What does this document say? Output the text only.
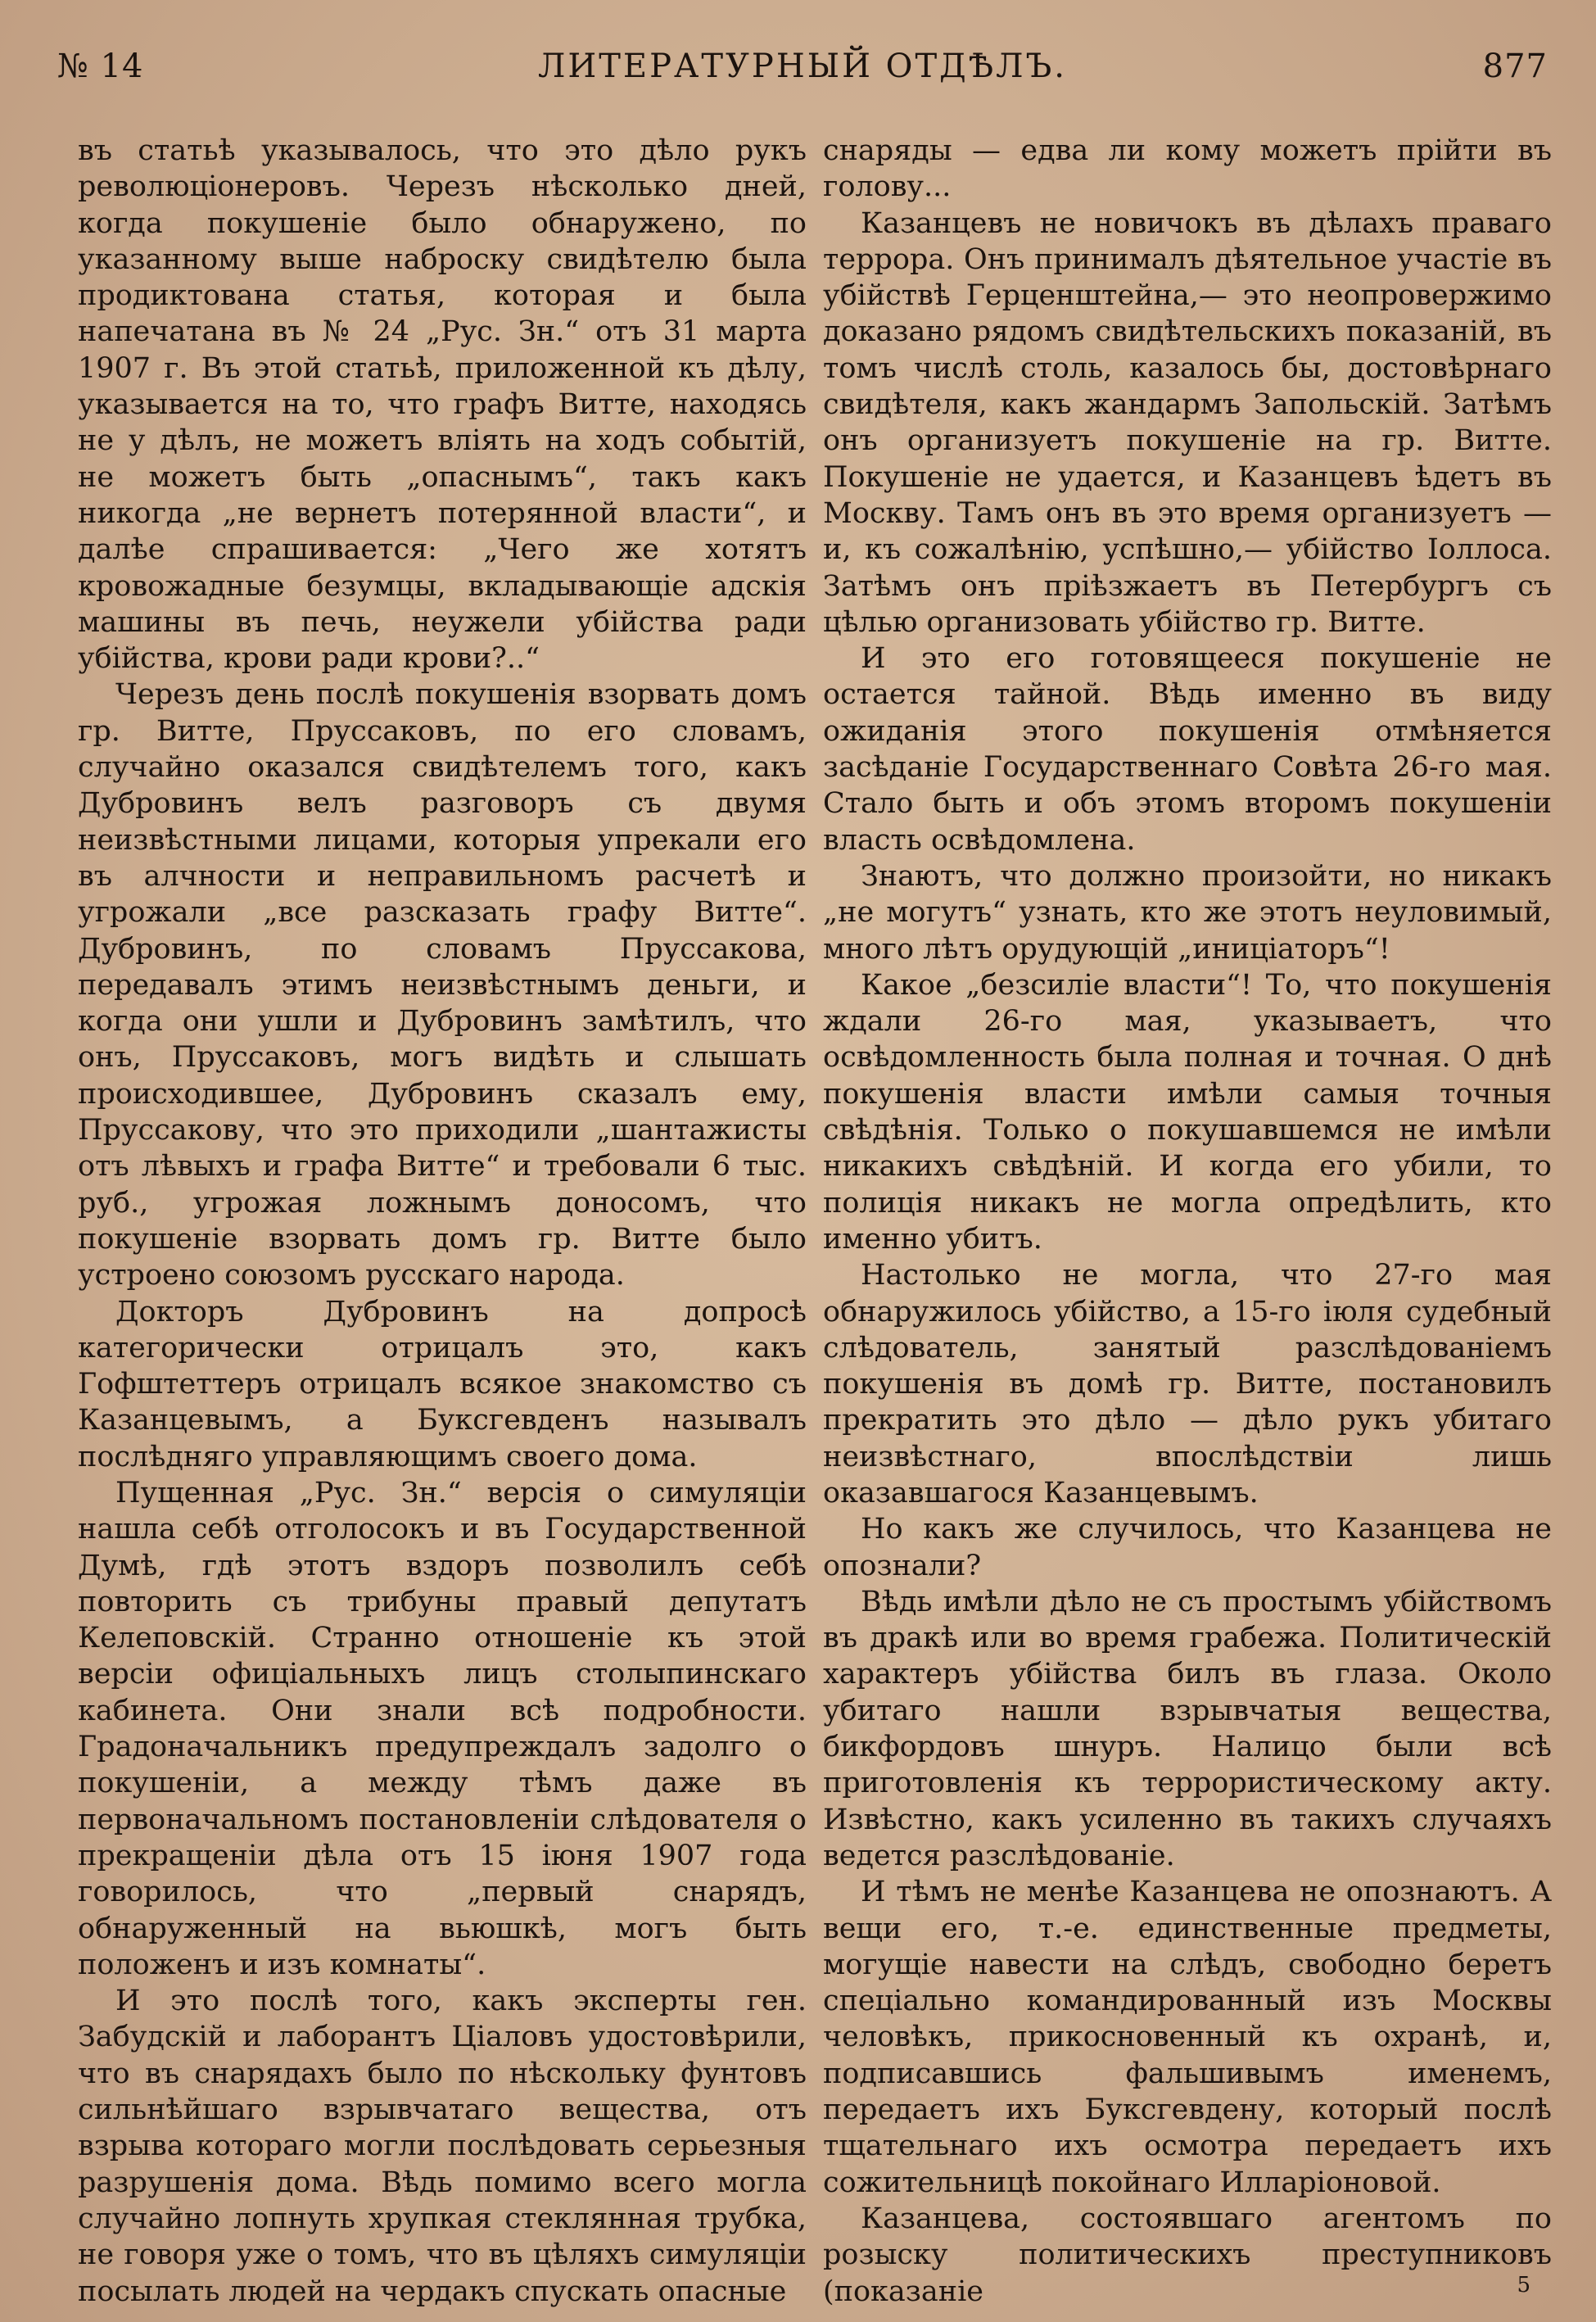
№ 14	ЛИТЕРАТУРНЫЙ ОТДѢЛЪ.	877

въ статьѣ указывалось, что это дѣло рукъ революціонеровъ. Черезъ нѣсколько дней, когда покушеніе было обнаружено, по указанному выше наброску свидѣтелю была продиктована статья, которая и была напечатана въ № 24 „Рус. Зн.“ отъ 31 марта 1907 г. Въ этой статьѣ, приложенной къ дѣлу, указывается на то, что графъ Витте, находясь не у дѣлъ, не можетъ вліять на ходъ событій, не можетъ быть „опаснымъ“, такъ какъ никогда „не вернетъ потерянной власти“, и далѣе спрашивается: „Чего же хотятъ кровожадные безумцы, вкладывающіе адскія машины въ печь, неужели убійства ради убійства, крови ради крови?..“

Черезъ день послѣ покушенія взорвать домъ гр. Витте, Пруссаковъ, по его словамъ, случайно оказался свидѣтелемъ того, какъ Дубровинъ велъ разговоръ съ двумя неизвѣстными лицами, которыя упрекали его въ алчности и неправильномъ расчетѣ и угрожали „все разсказать графу Витте“. Дубровинъ, по словамъ Пруссакова, передавалъ этимъ неизвѣстнымъ деньги, и когда они ушли и Дубровинъ замѣтилъ, что онъ, Пруссаковъ, могъ видѣть и слышать происходившее, Дубровинъ сказалъ ему, Пруссакову, что это приходили „шантажисты отъ лѣвыхъ и графа Витте“ и требовали 6 тыс. руб., угрожая ложнымъ доносомъ, что покушеніе взорвать домъ гр. Витте было устроено союзомъ русскаго народа.

Докторъ Дубровинъ на допросѣ категорически отрицалъ это, какъ Гофштеттеръ отрицалъ всякое знакомство съ Казанцевымъ, а Буксгевденъ называлъ послѣдняго управляющимъ своего дома.

Пущенная „Рус. Зн.“ версія о симуляціи нашла себѣ отголосокъ и въ Государственной Думѣ, гдѣ этотъ вздоръ позволилъ себѣ повторить съ трибуны правый депутатъ Келеповскій. Странно отношеніе къ этой версіи офиціальныхъ лицъ столыпинскаго кабинета. Они знали всѣ подробности. Градоначальникъ предупреждалъ задолго о покушеніи, а между тѣмъ даже въ первоначальномъ постановленіи слѣдователя о прекращеніи дѣла отъ 15 іюня 1907 года говорилось, что „первый снарядъ, обнаруженный на вьюшкѣ, могъ быть положенъ и изъ комнаты“.

И это послѣ того, какъ эксперты ген. Забудскій и лаборантъ Ціаловъ удостовѣрили, что въ снарядахъ было по нѣскольку фунтовъ сильнѣйшаго взрывчатаго вещества, отъ взрыва котораго могли послѣдовать серьезныя разрушенія дома. Вѣдь помимо всего могла случайно лопнуть хрупкая стеклянная трубка, не говоря уже о томъ, что въ цѣляхъ симуляціи посылать людей на чердакъ спускать опасные

снаряды — едва ли кому можетъ прійти въ голову...

Казанцевъ не новичокъ въ дѣлахъ праваго террора. Онъ принималъ дѣятельное участіе въ убійствѣ Герценштейна,— это неопровержимо доказано рядомъ свидѣтельскихъ показаній, въ томъ числѣ столь, казалось бы, достовѣрнаго свидѣтеля, какъ жандармъ Запольскій. Затѣмъ онъ организуетъ покушеніе на гр. Витте. Покушеніе не удается, и Казанцевъ ѣдетъ въ Москву. Тамъ онъ въ это время организуетъ — и, къ сожалѣнію, успѣшно,— убійство Іоллоса. Затѣмъ онъ пріѣзжаетъ въ Петербургъ съ цѣлью организовать убійство гр. Витте.

И это его готовящееся покушеніе не остается тайной. Вѣдь именно въ виду ожиданія этого покушенія отмѣняется засѣданіе Государственнаго Совѣта 26-го мая. Стало быть и объ этомъ второмъ покушеніи власть освѣдомлена.

Знаютъ, что должно произойти, но никакъ „не могутъ“ узнать, кто же этотъ неуловимый, много лѣтъ орудующій „иниціаторъ“!

Какое „безсиліе власти“! То, что покушенія ждали 26-го мая, указываетъ, что освѣдомленность была полная и точная. О днѣ покушенія власти имѣли самыя точныя свѣдѣнія. Только о покушавшемся не имѣли никакихъ свѣдѣній. И когда его убили, то полиція никакъ не могла опредѣлить, кто именно убитъ.

Настолько не могла, что 27-го мая обнаружилось убійство, а 15-го іюля судебный слѣдователь, занятый разслѣдованіемъ покушенія въ домѣ гр. Витте, постановилъ прекратить это дѣло — дѣло рукъ убитаго неизвѣстнаго, впослѣдствіи лишь оказавшагося Казанцевымъ.

Но какъ же случилось, что Казанцева не опознали?

Вѣдь имѣли дѣло не съ простымъ убійствомъ въ дракѣ или во время грабежа. Политическій характеръ убійства билъ въ глаза. Около убитаго нашли взрывчатыя вещества, бикфордовъ шнуръ. Налицо были всѣ приготовленія къ террористическому акту. Извѣстно, какъ усиленно въ такихъ случаяхъ ведется разслѣдованіе.

И тѣмъ не менѣе Казанцева не опознаютъ. А вещи его, т.-е. единственные предметы, могущіе навести на слѣдъ, свободно беретъ спеціально командированный изъ Москвы человѣкъ, прикосновенный къ охранѣ, и, подписавшись фальшивымъ именемъ, передаетъ ихъ Буксгевдену, который послѣ тщательнаго ихъ осмотра передаетъ ихъ сожительницѣ покойнаго Илларіоновой.

Казанцева, состоявшаго агентомъ по розыску политическихъ преступниковъ (показаніе	5
